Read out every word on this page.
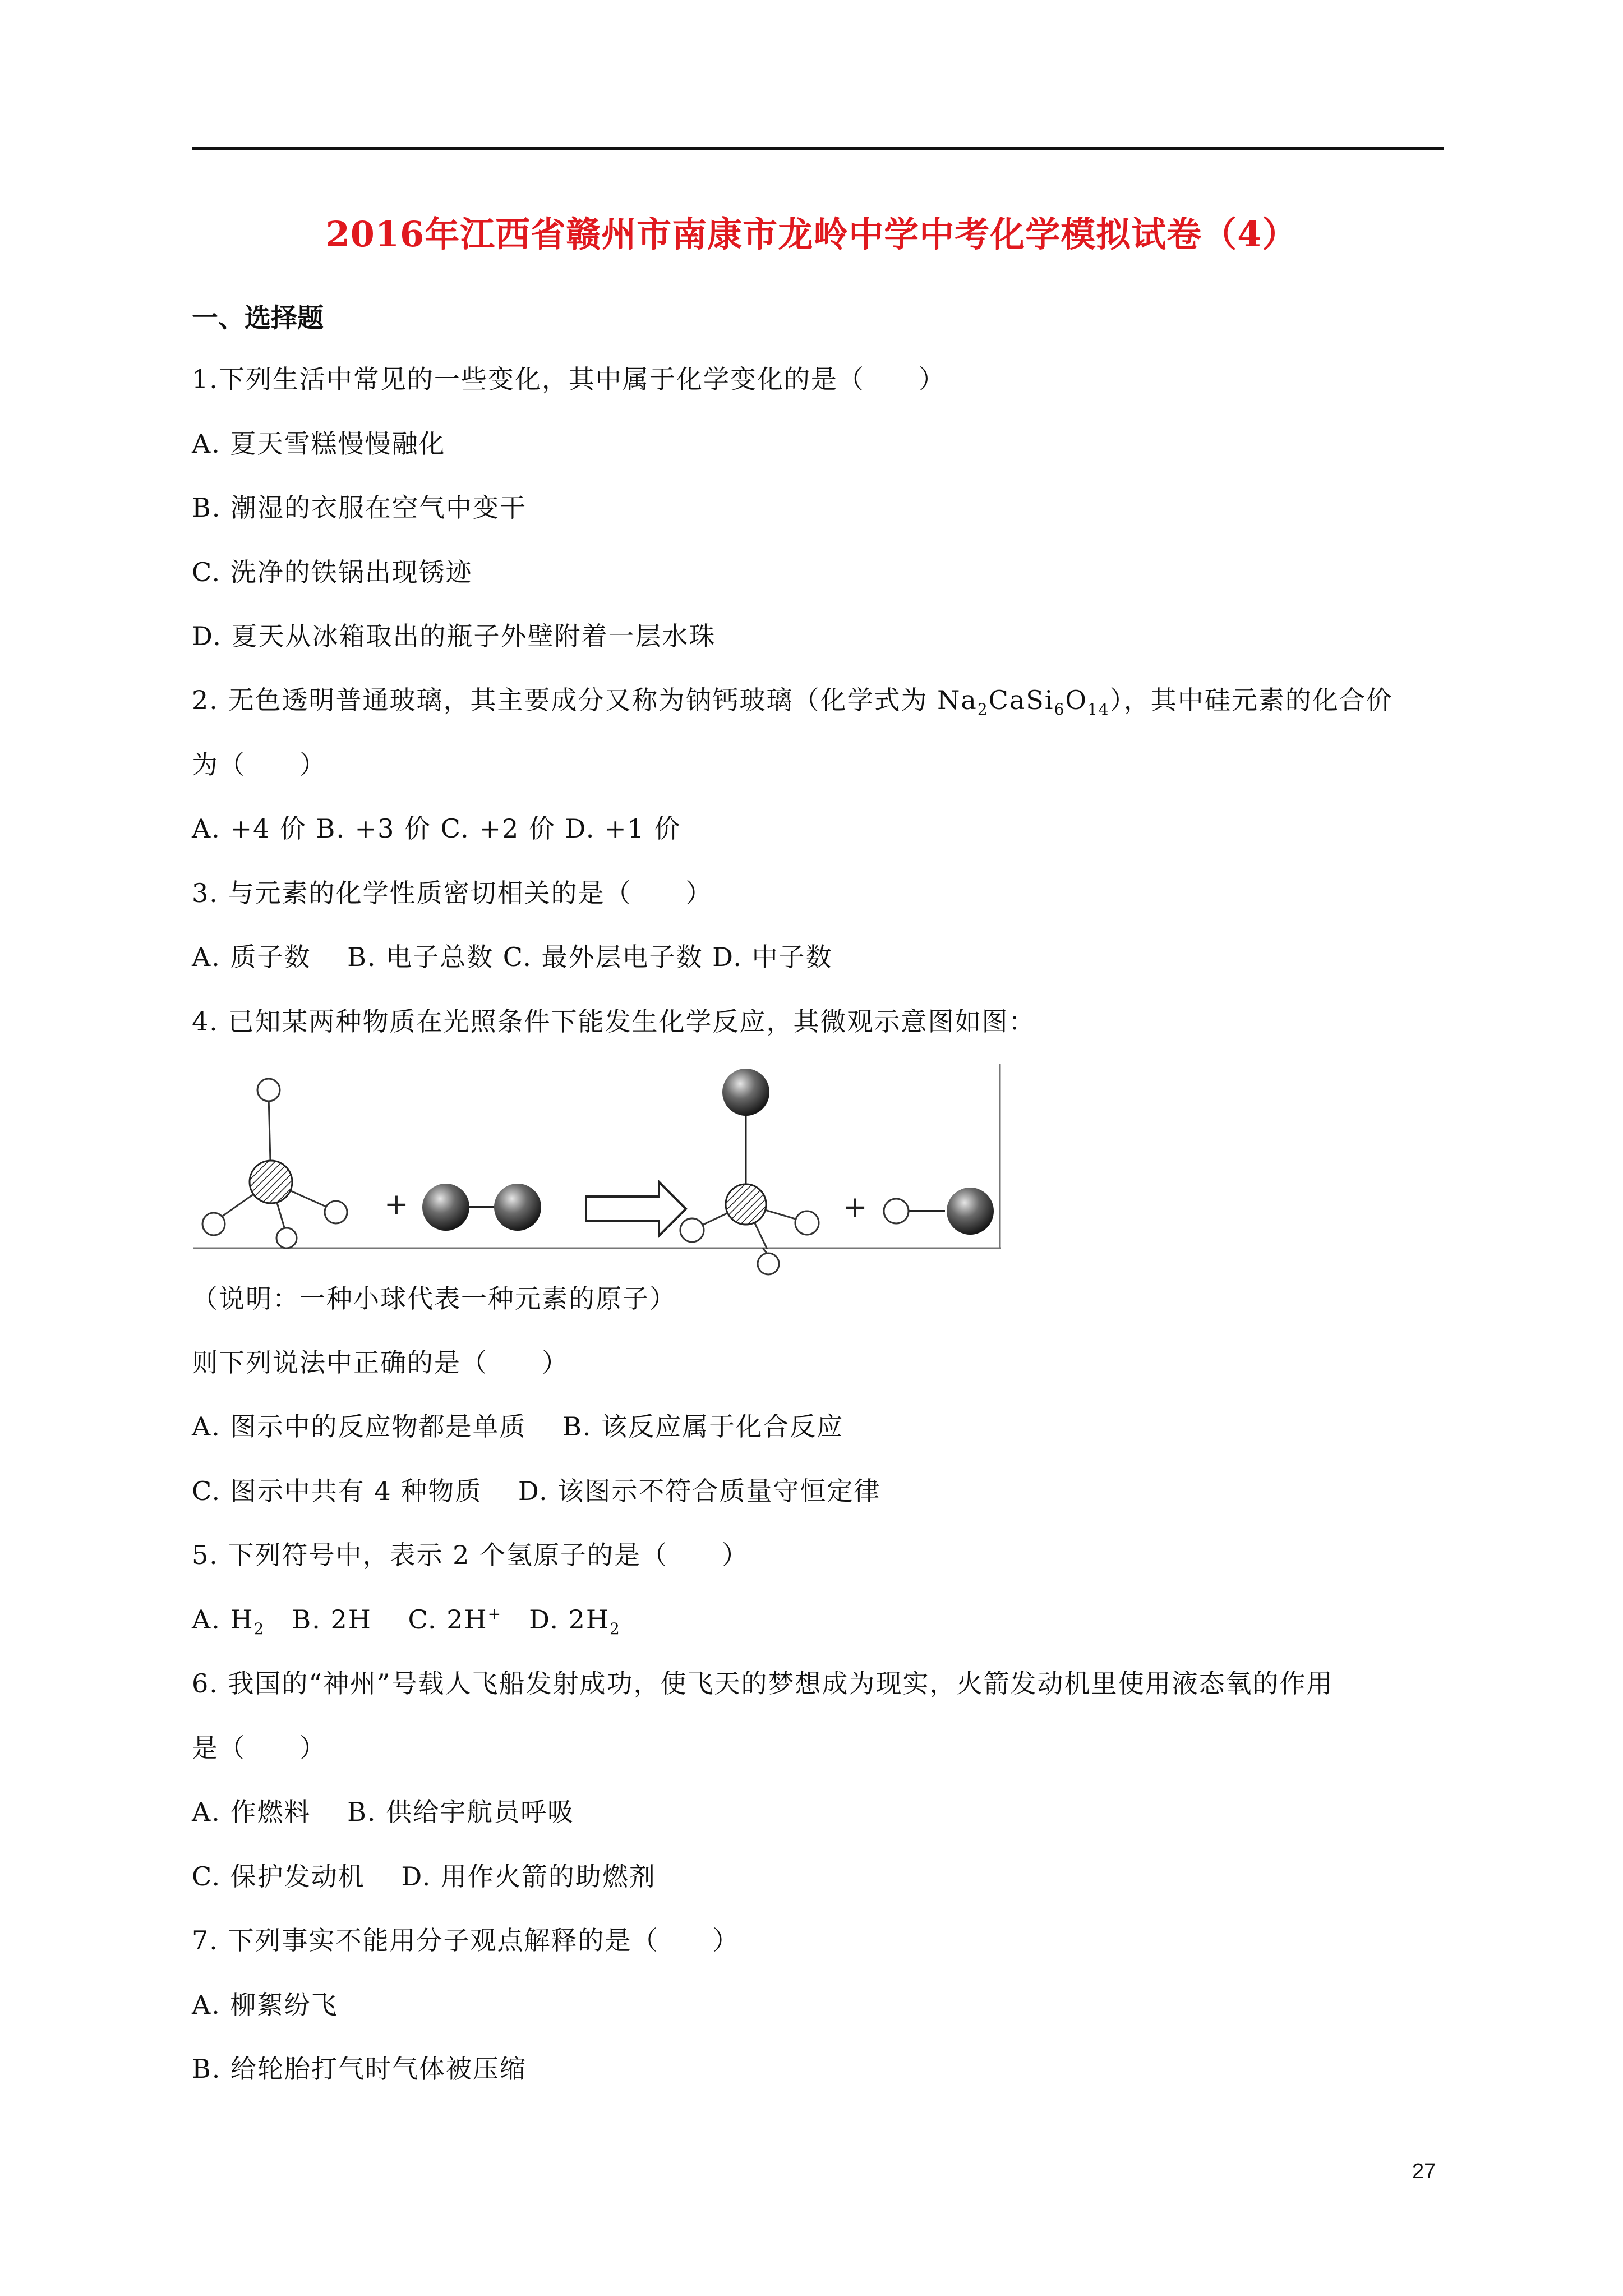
2016年江西省赣州市南康市龙岭中学中考化学模拟试卷（4）
一、选择题
1.下列生活中常见的一些变化，其中属于化学变化的是（　　）
A. 夏天雪糕慢慢融化
B. 潮湿的衣服在空气中变干
C. 洗净的铁锅出现锈迹
D. 夏天从冰箱取出的瓶子外壁附着一层水珠
2. 无色透明普通玻璃，其主要成分又称为钠钙玻璃（化学式为 $Na_2CaSi_6O_{14}$），其中硅元素的化合价
为（　　）
A. +4 价 B. +3 价 C. +2 价 D. +1 价
3. 与元素的化学性质密切相关的是（　　）
A. 质子数　 B. 电子总数 C. 最外层电子数 D. 中子数
4. 已知某两种物质在光照条件下能发生化学反应，其微观示意图如图：
+	+
（说明：一种小球代表一种元素的原子）
则下列说法中正确的是（　　）
A. 图示中的反应物都是单质　 B. 该反应属于化合反应
C. 图示中共有 4 种物质　 D. 该图示不符合质量守恒定律
5. 下列符号中，表示 2 个氢原子的是（　　）
A. $H_2$　B. 2H　 C. 2H+　D. $2H_2$
6. 我国的“神州”号载人飞船发射成功，使飞天的梦想成为现实，火箭发动机里使用液态氧的作用
是（　　）
A. 作燃料　 B. 供给宇航员呼吸
C. 保护发动机　 D. 用作火箭的助燃剂
7. 下列事实不能用分子观点解释的是（　　）
A. 柳絮纷飞
B. 给轮胎打气时气体被压缩
27
